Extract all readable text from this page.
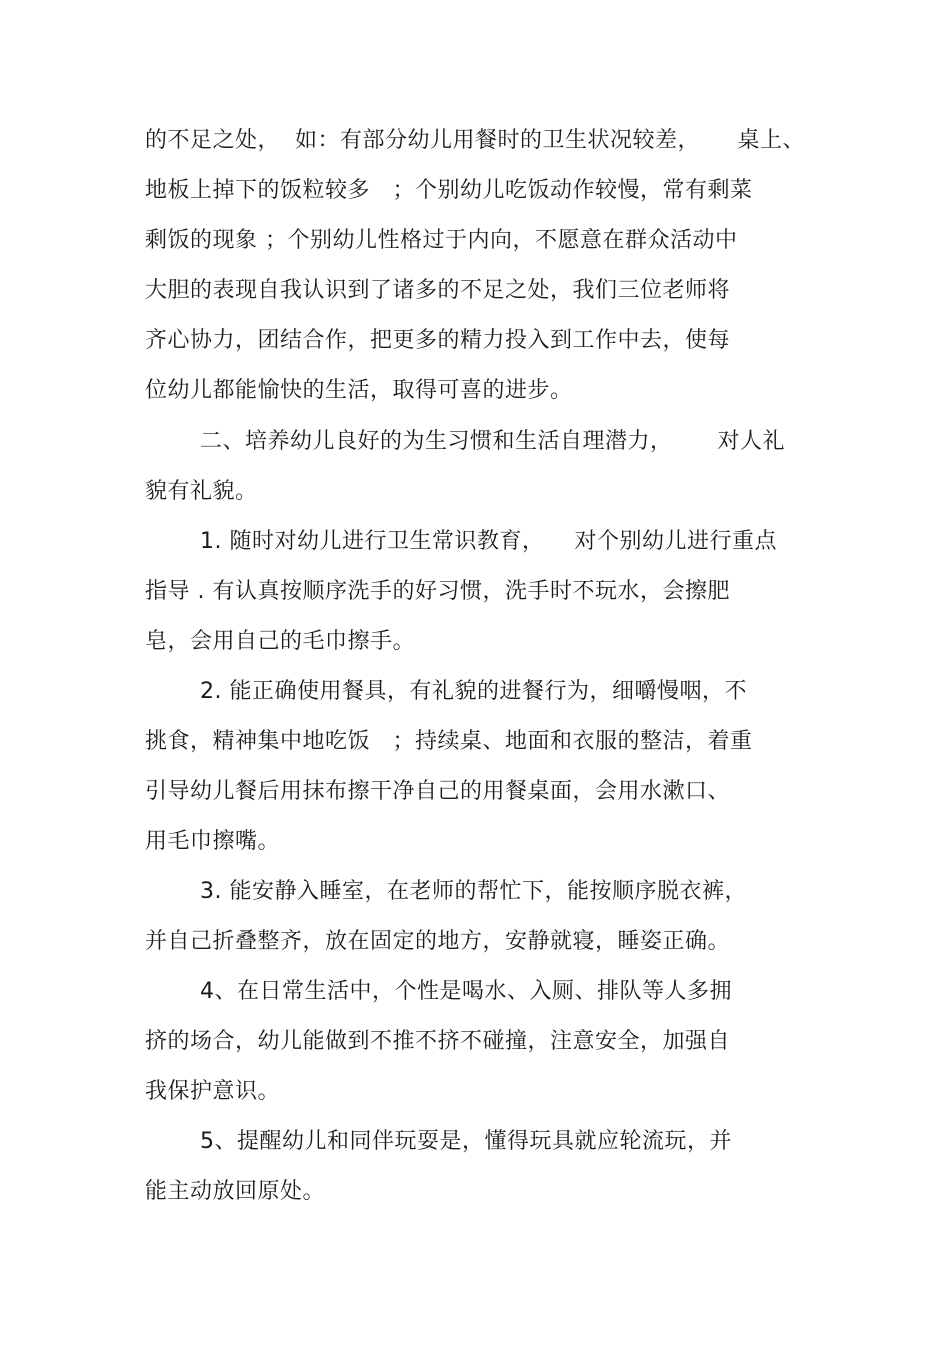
的不足之处，  如：有部分幼儿用餐时的卫生状况较差，     桌上、
地板上掉下的饭粒较多   ；个别幼儿吃饭动作较慢，常有剩菜
剩饭的现象 ；个别幼儿性格过于内向，不愿意在群众活动中
大胆的表现自我认识到了诸多的不足之处，我们三位老师将
齐心协力，团结合作，把更多的精力投入到工作中去，使每
位幼儿都能愉快的生活，取得可喜的进步。
二、培养幼儿良好的为生习惯和生活自理潜力，      对人礼
貌有礼貌。
1. 随时对幼儿进行卫生常识教育，    对个别幼儿进行重点
指导 . 有认真按顺序洗手的好习惯，洗手时不玩水，会擦肥
皂，会用自己的毛巾擦手。
2. 能正确使用餐具，有礼貌的进餐行为，细嚼慢咽，不
挑食，精神集中地吃饭   ；持续桌、地面和衣服的整洁，着重
引导幼儿餐后用抹布擦干净自己的用餐桌面，会用水漱口、
用毛巾擦嘴。
3. 能安静入睡室，在老师的帮忙下，能按顺序脱衣裤，
并自己折叠整齐，放在固定的地方，安静就寝，睡姿正确。
4、在日常生活中，个性是喝水、入厕、排队等人多拥
挤的场合，幼儿能做到不推不挤不碰撞，注意安全，加强自
我保护意识。
5、提醒幼儿和同伴玩耍是，懂得玩具就应轮流玩，并
能主动放回原处。
